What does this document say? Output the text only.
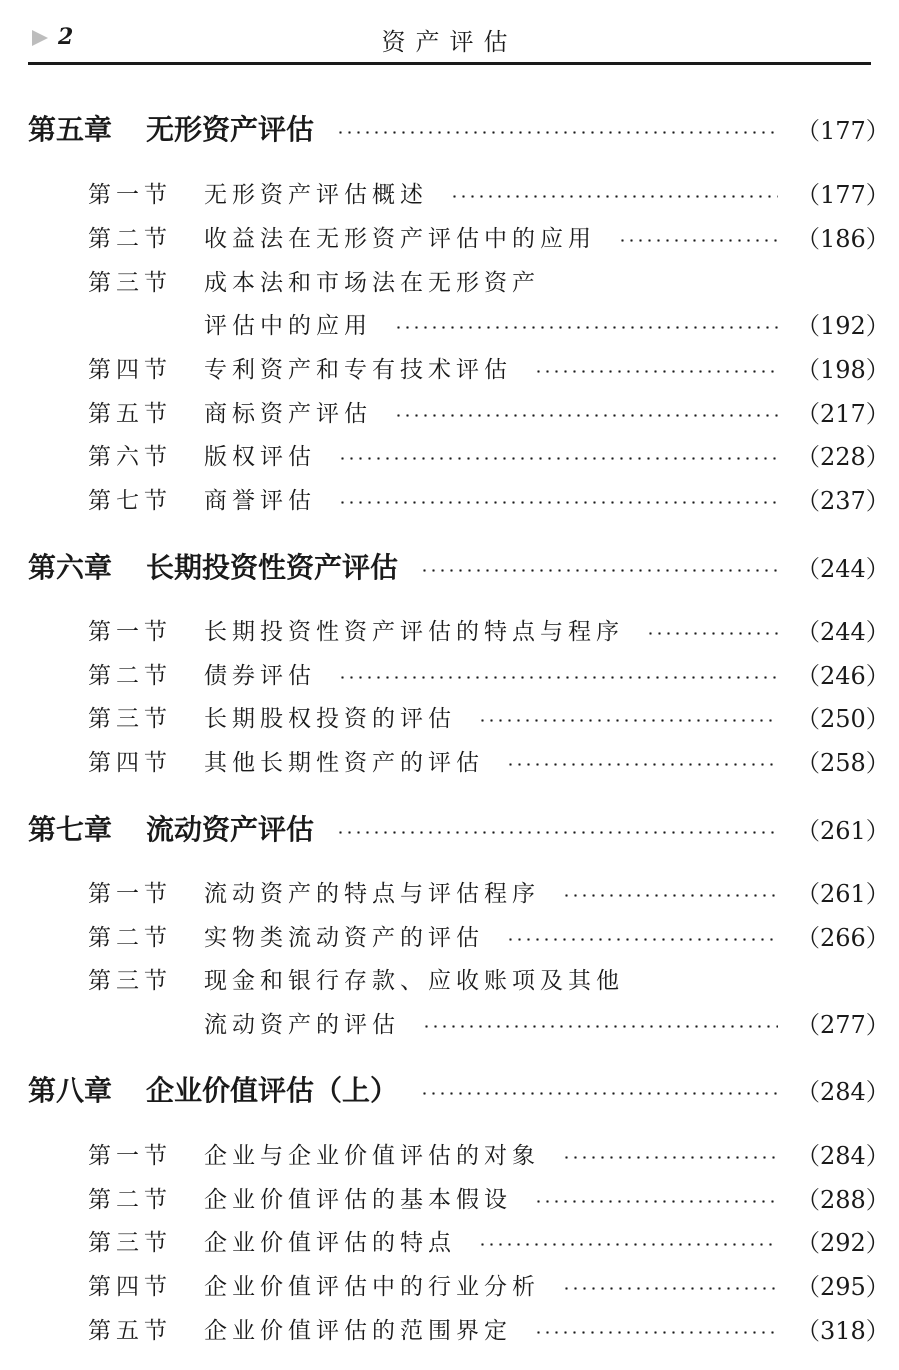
2	资产评估
第五章	无形资产评估	（177）
第一节	无形资产评估概述	（177）
第二节	收益法在无形资产评估中的应用	（186）
第三节	成本法和市场法在无形资产
评估中的应用	（192）
第四节	专利资产和专有技术评估	（198）
第五节	商标资产评估	（217）
第六节	版权评估	（228）
第七节	商誉评估	（237）
第六章	长期投资性资产评估	（244）
第一节	长期投资性资产评估的特点与程序	（244）
第二节	债券评估	（246）
第三节	长期股权投资的评估	（250）
第四节	其他长期性资产的评估	（258）
第七章	流动资产评估	（261）
第一节	流动资产的特点与评估程序	（261）
第二节	实物类流动资产的评估	（266）
第三节	现金和银行存款、应收账项及其他
流动资产的评估	（277）
第八章	企业价值评估（上）	（284）
第一节	企业与企业价值评估的对象	（284）
第二节	企业价值评估的基本假设	（288）
第三节	企业价值评估的特点	（292）
第四节	企业价值评估中的行业分析	（295）
第五节	企业价值评估的范围界定	（318）
